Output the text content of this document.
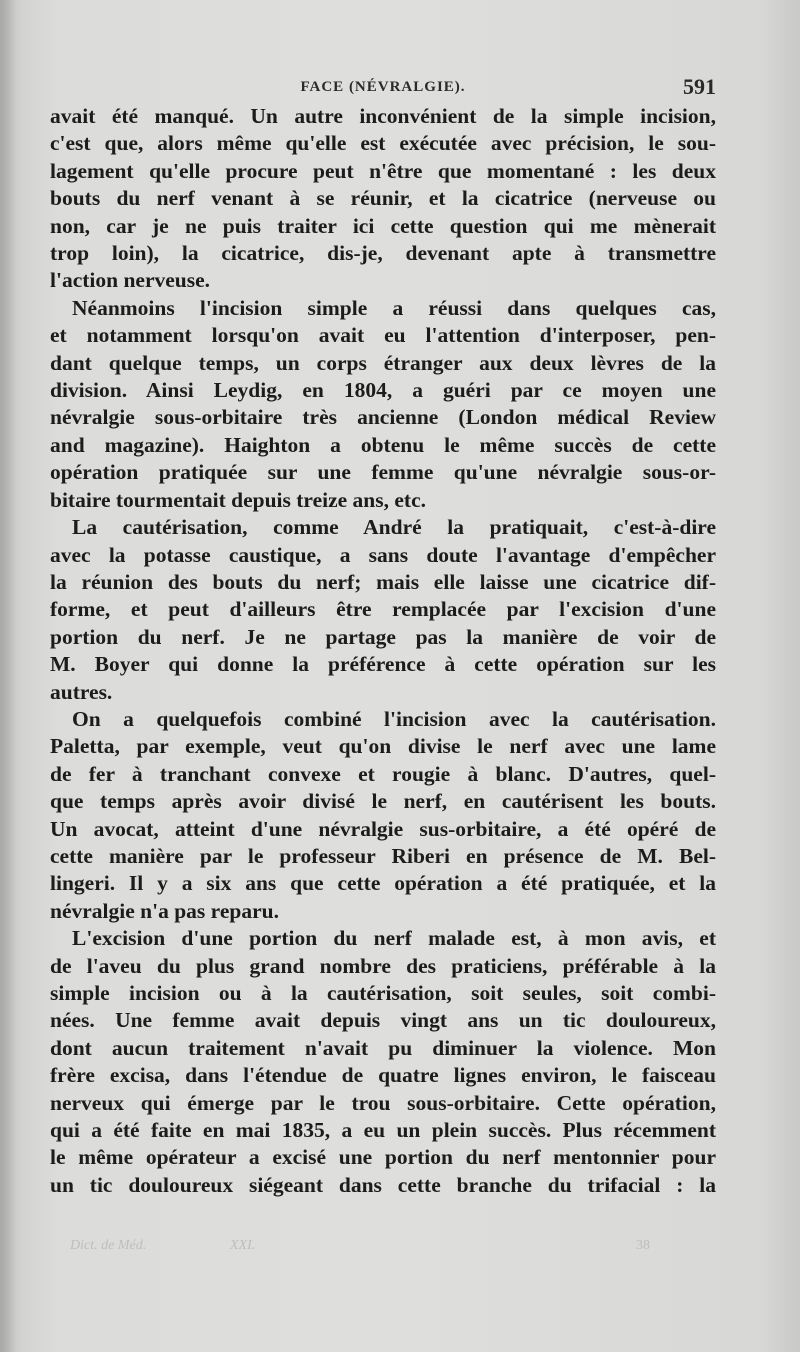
FACE (NÉVRALGIE).	591
avait été manqué. Un autre inconvénient de la simple incision,
c'est que, alors même qu'elle est exécutée avec précision, le sou-
lagement qu'elle procure peut n'être que momentané : les deux
bouts du nerf venant à se réunir, et la cicatrice (nerveuse ou
non, car je ne puis traiter ici cette question qui me mènerait
trop loin), la cicatrice, dis-je, devenant apte à transmettre
l'action nerveuse.
Néanmoins l'incision simple a réussi dans quelques cas,
et notamment lorsqu'on avait eu l'attention d'interposer, pen-
dant quelque temps, un corps étranger aux deux lèvres de la
division. Ainsi Leydig, en 1804, a guéri par ce moyen une
névralgie sous-orbitaire très ancienne (London médical Review
and magazine). Haighton a obtenu le même succès de cette
opération pratiquée sur une femme qu'une névralgie sous-or-
bitaire tourmentait depuis treize ans, etc.
La cautérisation, comme André la pratiquait, c'est-à-dire
avec la potasse caustique, a sans doute l'avantage d'empêcher
la réunion des bouts du nerf; mais elle laisse une cicatrice dif-
forme, et peut d'ailleurs être remplacée par l'excision d'une
portion du nerf. Je ne partage pas la manière de voir de
M. Boyer qui donne la préférence à cette opération sur les
autres.
On a quelquefois combiné l'incision avec la cautérisation.
Paletta, par exemple, veut qu'on divise le nerf avec une lame
de fer à tranchant convexe et rougie à blanc. D'autres, quel-
que temps après avoir divisé le nerf, en cautérisent les bouts.
Un avocat, atteint d'une névralgie sus-orbitaire, a été opéré de
cette manière par le professeur Riberi en présence de M. Bel-
lingeri. Il y a six ans que cette opération a été pratiquée, et la
névralgie n'a pas reparu.
L'excision d'une portion du nerf malade est, à mon avis, et
de l'aveu du plus grand nombre des praticiens, préférable à la
simple incision ou à la cautérisation, soit seules, soit combi-
nées. Une femme avait depuis vingt ans un tic douloureux,
dont aucun traitement n'avait pu diminuer la violence. Mon
frère excisa, dans l'étendue de quatre lignes environ, le faisceau
nerveux qui émerge par le trou sous-orbitaire. Cette opération,
qui a été faite en mai 1835, a eu un plein succès. Plus récemment
le même opérateur a excisé une portion du nerf mentonnier pour
un tic douloureux siégeant dans cette branche du trifacial : la
Dict. de Méd.	XXI.	38
